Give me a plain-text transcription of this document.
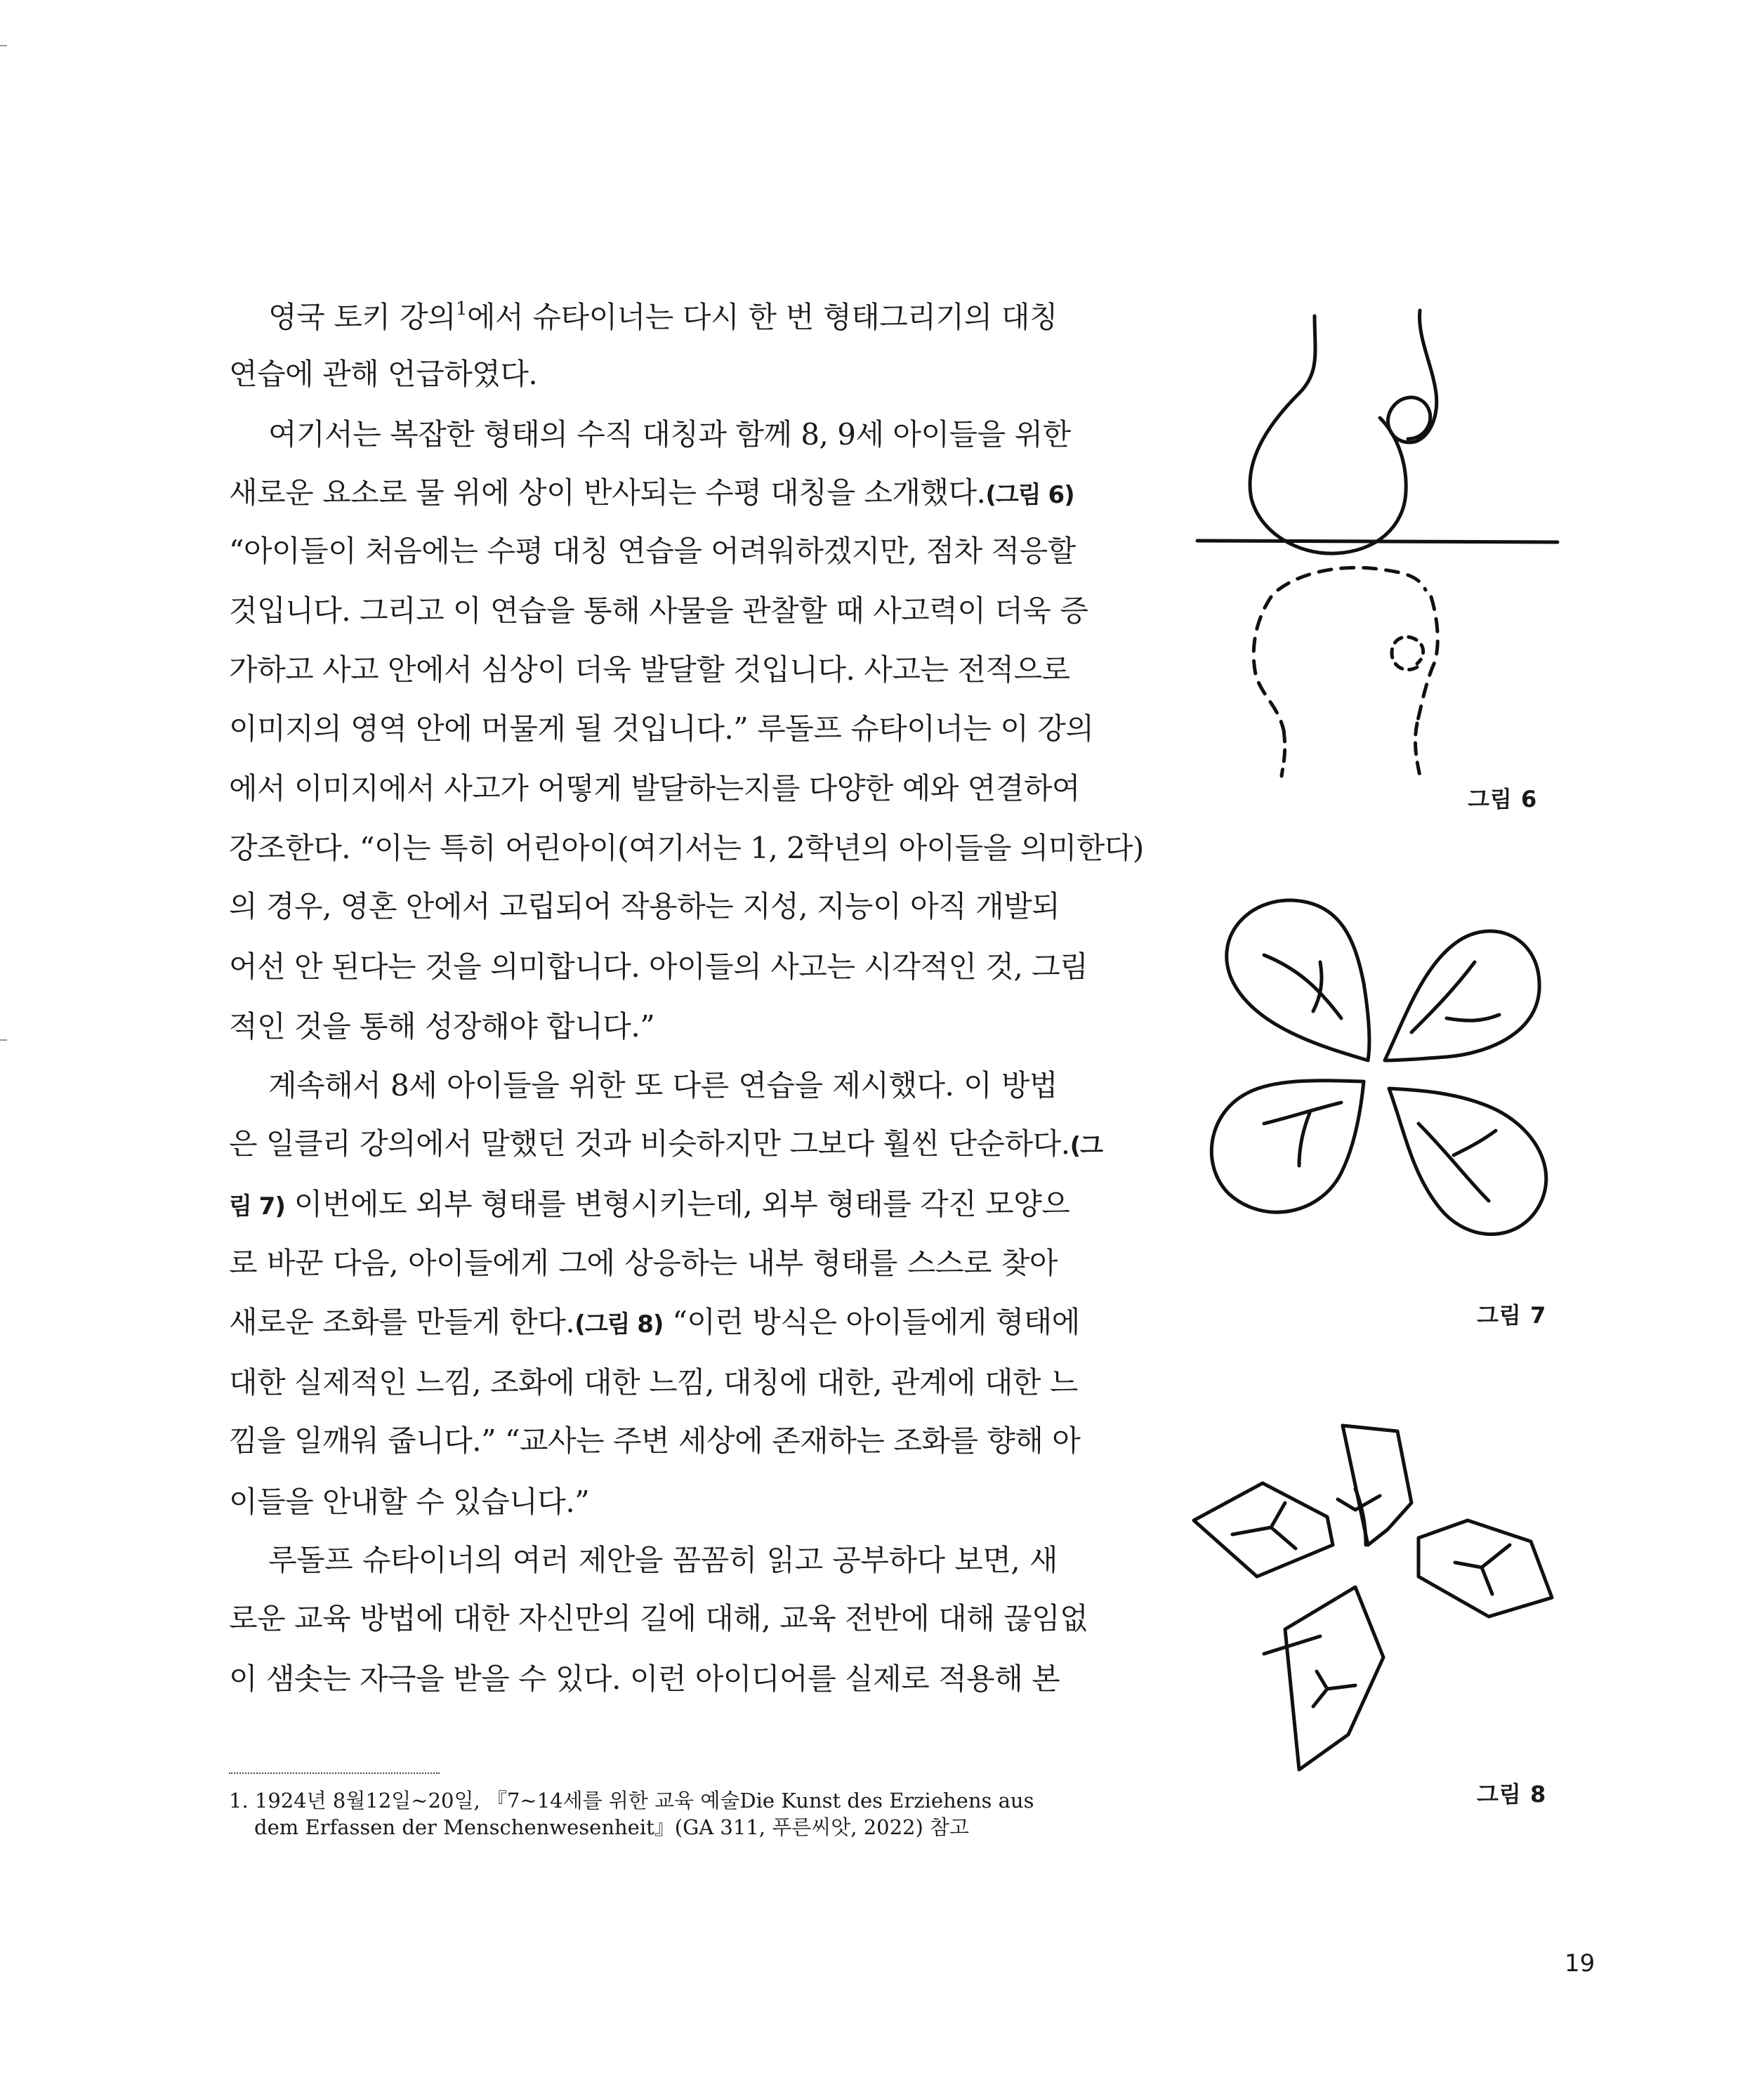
영국 토키 강의$^1$에서 슈타이너는 다시 한 번 형태그리기의 대칭
연습에 관해 언급하였다.
여기서는 복잡한 형태의 수직 대칭과 함께 8, 9세 아이들을 위한
새로운 요소로 물 위에 상이 반사되는 수평 대칭을 소개했다.(그림 6)
“아이들이 처음에는 수평 대칭 연습을 어려워하겠지만, 점차 적응할
것입니다. 그리고 이 연습을 통해 사물을 관찰할 때 사고력이 더욱 증
가하고 사고 안에서 심상이 더욱 발달할 것입니다. 사고는 전적으로
이미지의 영역 안에 머물게 될 것입니다.” 루돌프 슈타이너는 이 강의
에서 이미지에서 사고가 어떻게 발달하는지를 다양한 예와 연결하여
강조한다. “이는 특히 어린아이(여기서는 1, 2학년의 아이들을 의미한다)
의 경우, 영혼 안에서 고립되어 작용하는 지성, 지능이 아직 개발되
어선 안 된다는 것을 의미합니다. 아이들의 사고는 시각적인 것, 그림
적인 것을 통해 성장해야 합니다.”
계속해서 8세 아이들을 위한 또 다른 연습을 제시했다. 이 방법
은 일클리 강의에서 말했던 것과 비슷하지만 그보다 훨씬 단순하다.(그
림 7) 이번에도 외부 형태를 변형시키는데, 외부 형태를 각진 모양으
로 바꾼 다음, 아이들에게 그에 상응하는 내부 형태를 스스로 찾아
새로운 조화를 만들게 한다.(그림 8) “이런 방식은 아이들에게 형태에
대한 실제적인 느낌, 조화에 대한 느낌, 대칭에 대한, 관계에 대한 느
낌을 일깨워 줍니다.” “교사는 주변 세상에 존재하는 조화를 향해 아
이들을 안내할 수 있습니다.”
루돌프 슈타이너의 여러 제안을 꼼꼼히 읽고 공부하다 보면, 새
로운 교육 방법에 대한 자신만의 길에 대해, 교육 전반에 대해 끊임없
이 샘솟는 자극을 받을 수 있다. 이런 아이디어를 실제로 적용해 본
그림 6
그림 7
그림 8
1. 1924년 8월12일~20일, 『7~14세를 위한 교육 예술Die Kunst des Erziehens aus
dem Erfassen der Menschenwesenheit』(GA 311, 푸른씨앗, 2022) 참고
19
